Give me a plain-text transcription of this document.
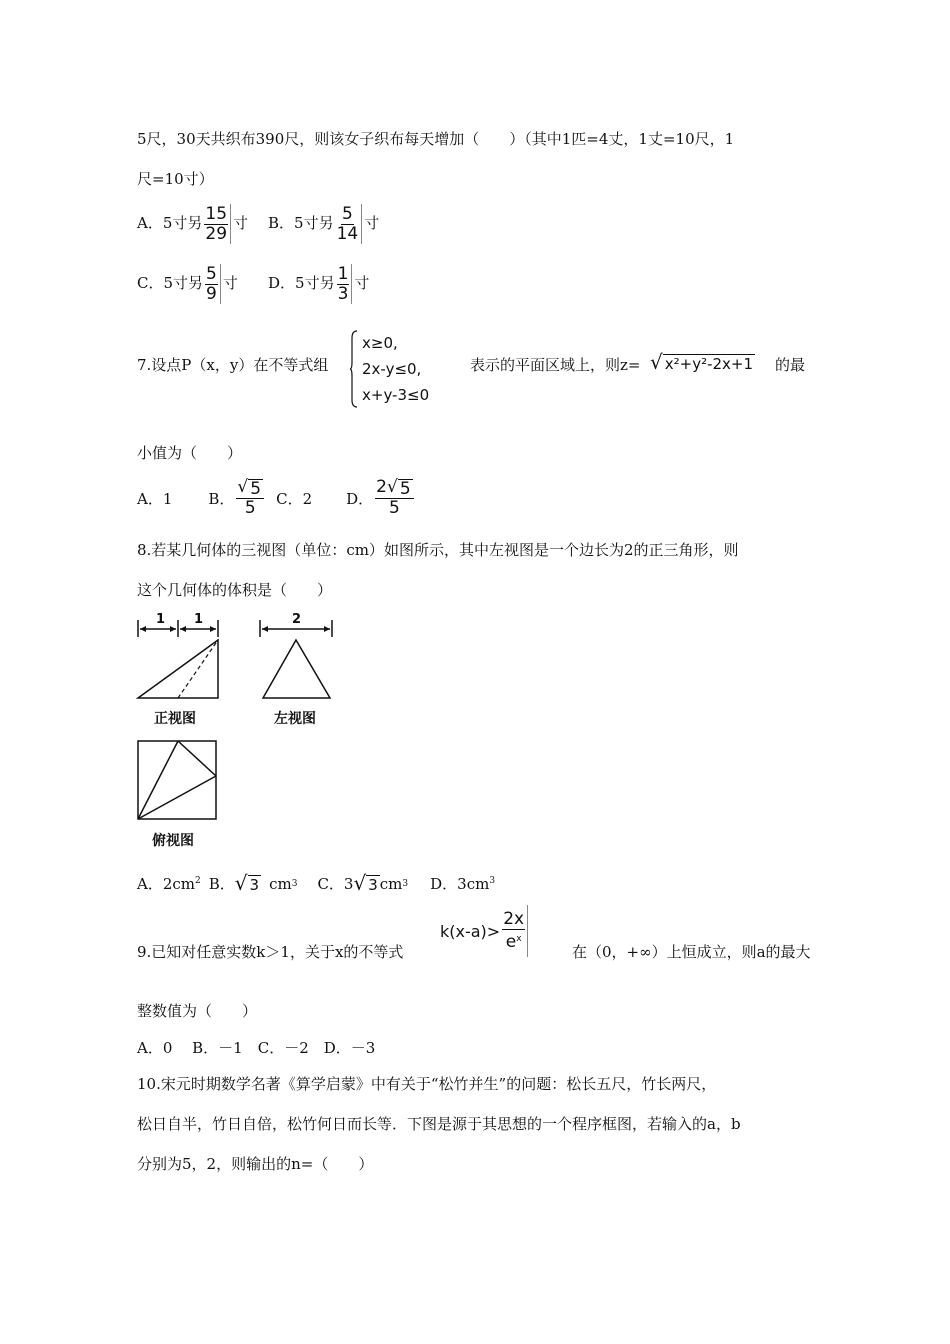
5尺，30天共织布390尺，则该女子织布每天增加（　　）（其中1匹=4丈，1丈=10尺，1
尺=10寸）
A．5寸另 $\frac{15}{29}$ 寸 B．5寸另 $\frac{5}{14}$ 寸
C．5寸另 $\frac{5}{9}$ 寸 D．5寸另 $\frac{1}{3}$ 寸
7.设点P（x，y）在不等式组
x≥0,
2x-y≤0,
x+y-3≤0
表示的平面区域上，则z= √ x²+y²-2x+1 的最
小值为（　　）
A．1 B． $\frac{√ 5}{5}$ C．2 D． $\frac{2 √ 5}{5}$
8.若某几何体的三视图（单位：cm）如图所示，其中左视图是一个边长为2的正三角形，则
这个几何体的体积是（　　）
1 1
正视图
2
左视图
俯视图
A．$2cm^2$ B． √ 3 cm 3 C．3 √ 3 cm 3 D．$3cm^3$
9.已知对任意实数k＞1，关于x的不等式
$k(x-a)> \frac{2x}{e^x}$	在（0，+∞）上恒成立，则a的最大
整数值为（　　）
A．0　 B．－1　C．－2　D．－3
10.宋元时期数学名著《算学启蒙》中有关于“松竹并生”的问题：松长五尺，竹长两尺，
松日自半，竹日自倍，松竹何日而长等．下图是源于其思想的一个程序框图，若输入的a，b
分别为5，2，则输出的n=（　　）
